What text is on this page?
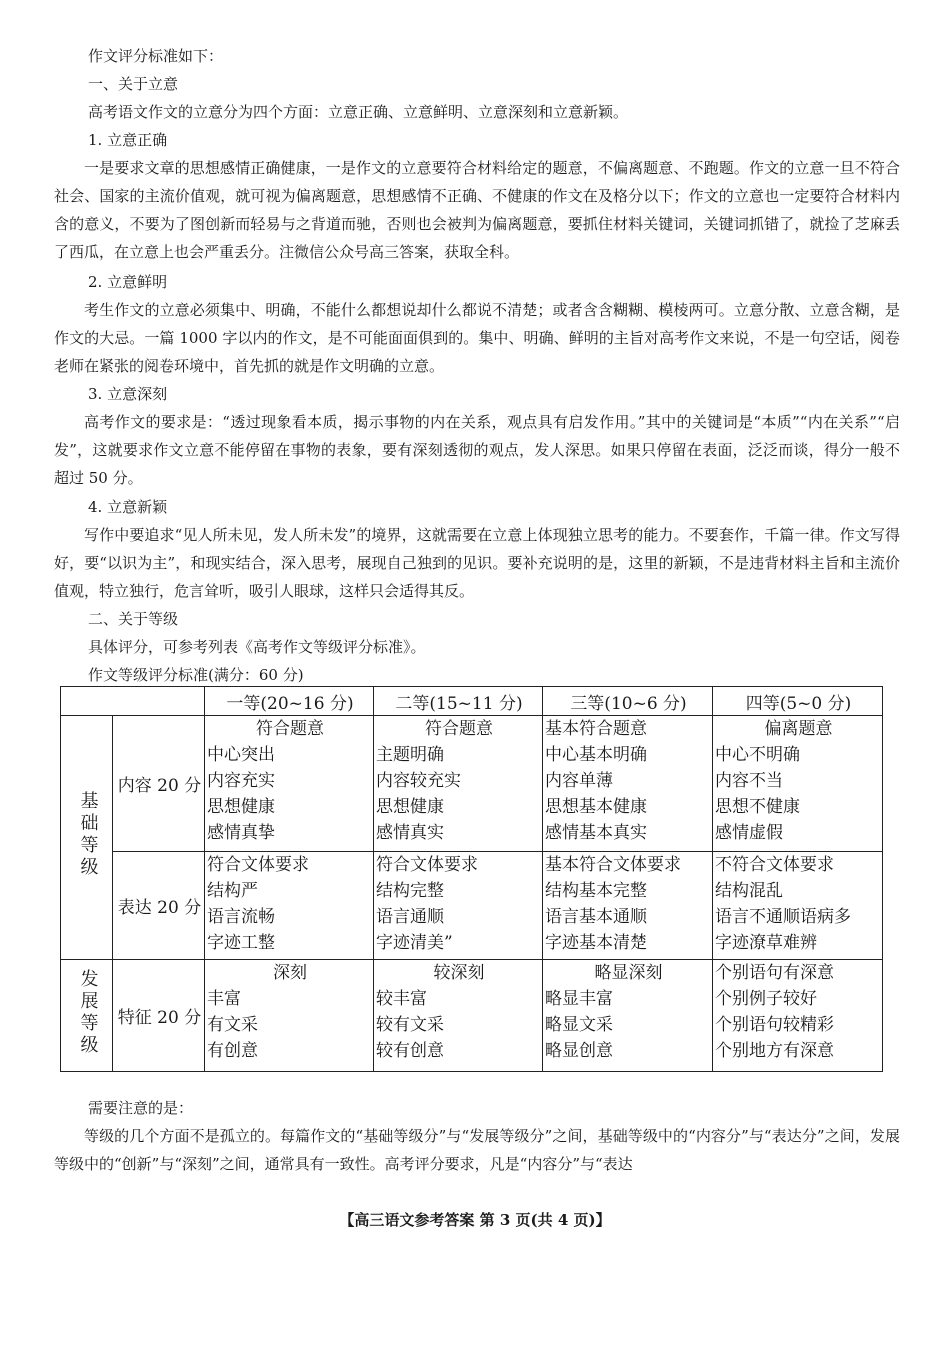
作文评分标准如下：
一、关于立意
高考语文作文的立意分为四个方面：立意正确、立意鲜明、立意深刻和立意新颖。
1. 立意正确
一是要求文章的思想感情正确健康，一是作文的立意要符合材料给定的题意，不偏离题意、不跑题。作文的立意一旦不符合社会、国家的主流价值观，就可视为偏离题意，思想感情不正确、不健康的作文在及格分以下；作文的立意也一定要符合材料内含的意义，不要为了图创新而轻易与之背道而驰，否则也会被判为偏离题意，要抓住材料关键词，关键词抓错了，就捡了芝麻丢了西瓜，在立意上也会严重丢分。注微信公众号高三答案，获取全科。
2. 立意鲜明
考生作文的立意必须集中、明确，不能什么都想说却什么都说不清楚；或者含含糊糊、模棱两可。立意分散、立意含糊，是作文的大忌。一篇 1000 字以内的作文，是不可能面面俱到的。集中、明确、鲜明的主旨对高考作文来说，不是一句空话，阅卷老师在紧张的阅卷环境中，首先抓的就是作文明确的立意。
3. 立意深刻
高考作文的要求是：“透过现象看本质，揭示事物的内在关系，观点具有启发作用。”其中的关键词是“本质”“内在关系”“启发”，这就要求作文立意不能停留在事物的表象，要有深刻透彻的观点，发人深思。如果只停留在表面，泛泛而谈，得分一般不超过 50 分。
4. 立意新颖
写作中要追求“见人所未见，发人所未发”的境界，这就需要在立意上体现独立思考的能力。不要套作，千篇一律。作文写得好，要“以识为主”，和现实结合，深入思考，展现自己独到的见识。要补充说明的是，这里的新颖，不是违背材料主旨和主流价值观，特立独行，危言耸听，吸引人眼球，这样只会适得其反。
二、关于等级
具体评分，可参考列表《高考作文等级评分标准》。
作文等级评分标准(满分：60 分)
		一等(20~16 分)	二等(15~11 分)	三等(10~6 分)	四等(5~0 分)
基础等级	内容 20 分	符合题意
中心突出
内容充实
思想健康
感情真挚	符合题意
主题明确
内容较充实
思想健康
感情真实	基本符合题意
中心基本明确
内容单薄
思想基本健康
感情基本真实	偏离题意
中心不明确
内容不当
思想不健康
感情虚假

	表达 20 分	符合文体要求
结构严
语言流畅
字迹工整	符合文体要求
结构完整
语言通顺
字迹清美”	基本符合文体要求
结构基本完整
语言基本通顺
字迹基本清楚	不符合文体要求
结构混乱
语言不通顺语病多
字迹潦草难辨

发展等级	特征 20 分	深刻
丰富
有文采
有创意	较深刻
较丰富
较有文采
较有创意	略显深刻
略显丰富
略显文采
略显创意	个别语句有深意
个别例子较好
个别语句较精彩
个别地方有深意
需要注意的是：
等级的几个方面不是孤立的。每篇作文的“基础等级分”与“发展等级分”之间，基础等级中的“内容分”与“表达分”之间，发展等级中的“创新”与“深刻”之间，通常具有一致性。高考评分要求，凡是“内容分”与“表达
【高三语文参考答案 第 3 页(共 4 页)】
